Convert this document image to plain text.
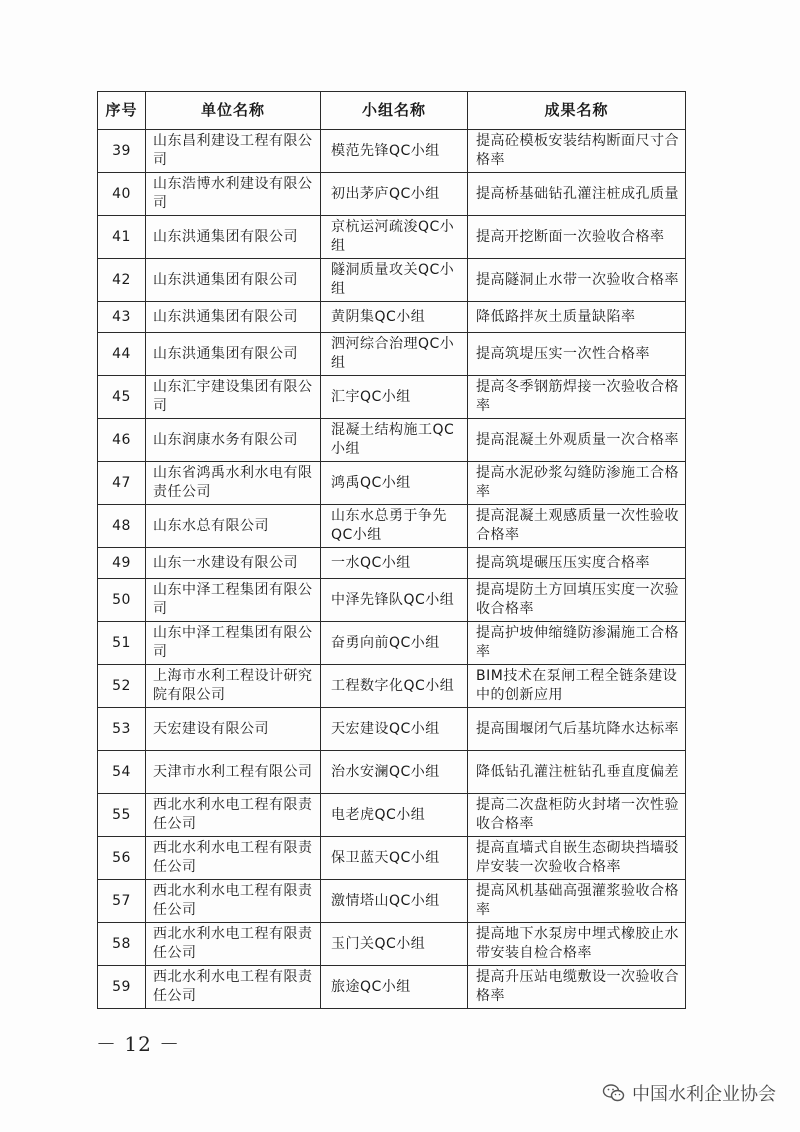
序号	单位名称	小组名称	成果名称
39	山东昌利建设工程有限公司	模范先锋QC小组	提高砼模板安装结构断面尺寸合格率
40	山东浩博水利建设有限公司	初出茅庐QC小组	提高桥基础钻孔灌注桩成孔质量
41	山东洪通集团有限公司	京杭运河疏浚QC小组	提高开挖断面一次验收合格率
42	山东洪通集团有限公司	隧洞质量攻关QC小组	提高隧洞止水带一次验收合格率
43	山东洪通集团有限公司	黄阴集QC小组	降低路拌灰土质量缺陷率
44	山东洪通集团有限公司	泗河综合治理QC小组	提高筑堤压实一次性合格率
45	山东汇宇建设集团有限公司	汇宇QC小组	提高冬季钢筋焊接一次验收合格率
46	山东润康水务有限公司	混凝土结构施工QC小组	提高混凝土外观质量一次合格率
47	山东省鸿禹水利水电有限责任公司	鸿禹QC小组	提高水泥砂浆勾缝防渗施工合格率
48	山东水总有限公司	山东水总勇于争先QC小组	提高混凝土观感质量一次性验收合格率
49	山东一水建设有限公司	一水QC小组	提高筑堤碾压压实度合格率
50	山东中泽工程集团有限公司	中泽先锋队QC小组	提高堤防土方回填压实度一次验收合格率
51	山东中泽工程集团有限公司	奋勇向前QC小组	提高护坡伸缩缝防渗漏施工合格率
52	上海市水利工程设计研究院有限公司	工程数字化QC小组	BIM技术在泵闸工程全链条建设中的创新应用
53	天宏建设有限公司	天宏建设QC小组	提高围堰闭气后基坑降水达标率
54	天津市水利工程有限公司	治水安澜QC小组	降低钻孔灌注桩钻孔垂直度偏差
55	西北水利水电工程有限责任公司	电老虎QC小组	提高二次盘柜防火封堵一次性验收合格率
56	西北水利水电工程有限责任公司	保卫蓝天QC小组	提高直墙式自嵌生态砌块挡墙驳岸安装一次验收合格率
57	西北水利水电工程有限责任公司	激情塔山QC小组	提高风机基础高强灌浆验收合格率
58	西北水利水电工程有限责任公司	玉门关QC小组	提高地下水泵房中埋式橡胶止水带安装自检合格率
59	西北水利水电工程有限责任公司	旅途QC小组	提高升压站电缆敷设一次验收合格率
－ 12 －
中国水利企业协会
